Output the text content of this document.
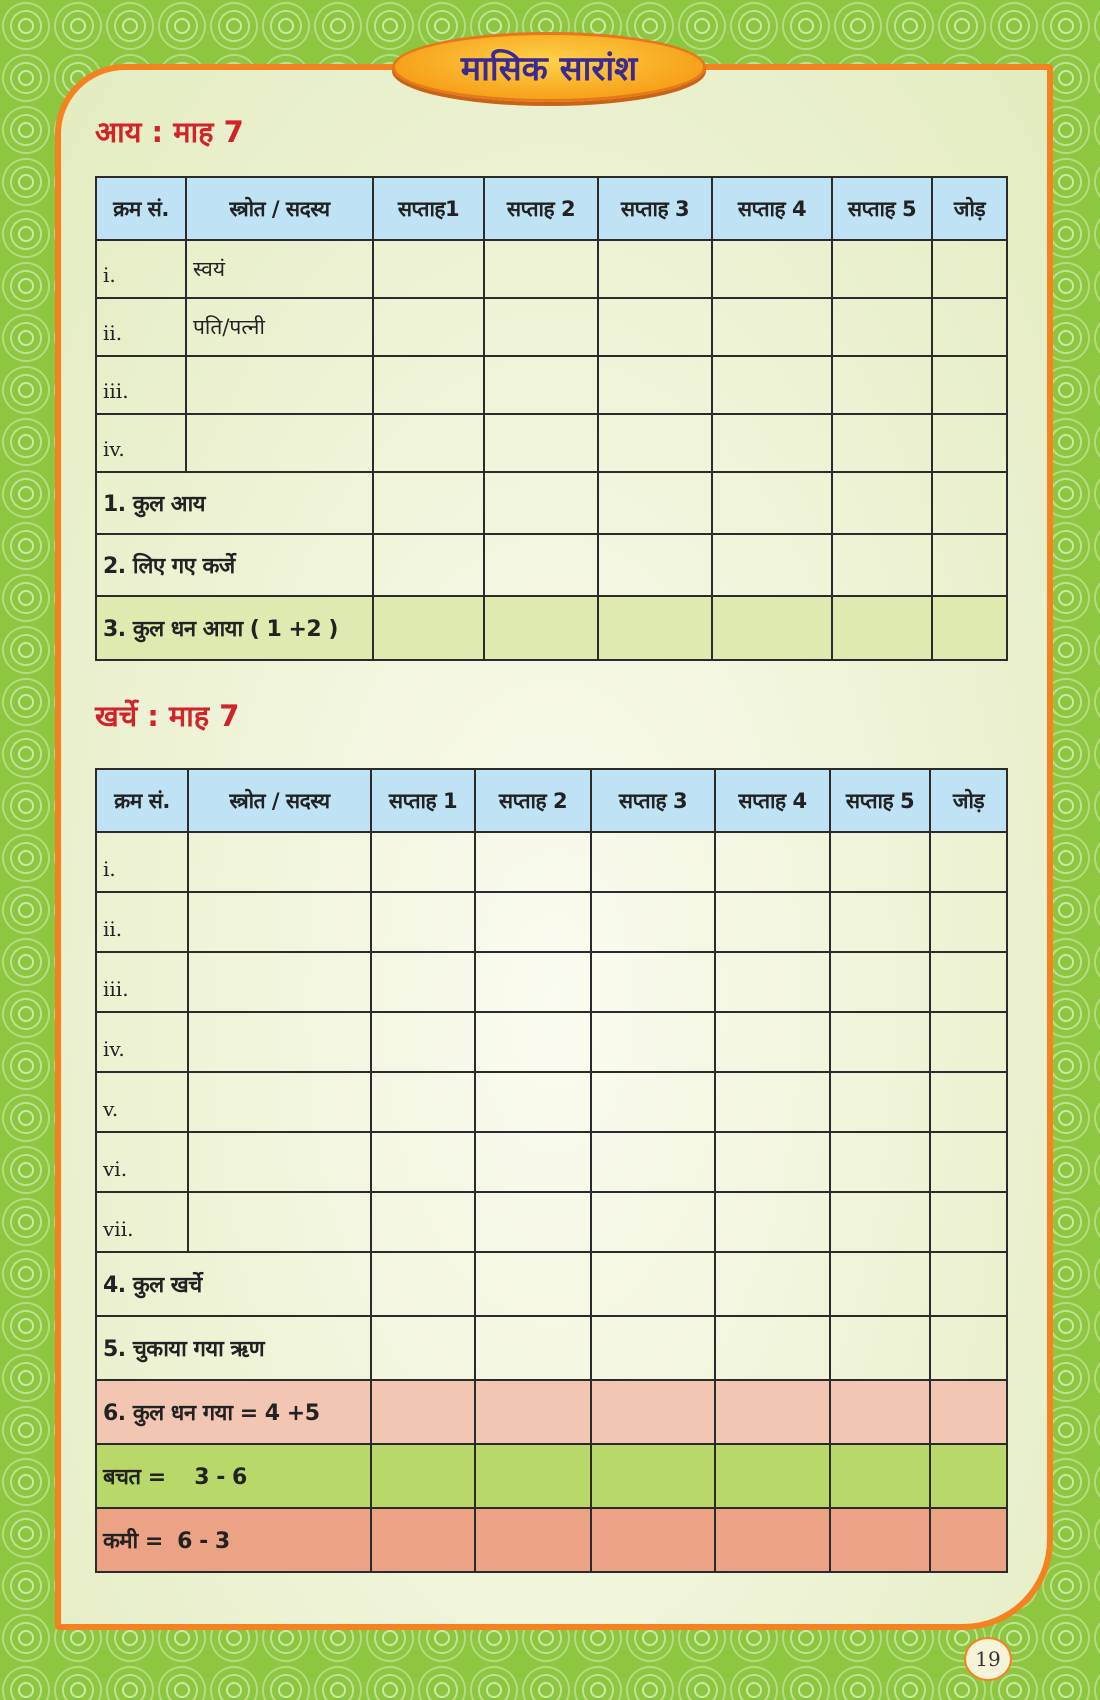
मासिक सारांश
आय : माह 7
क्रम सं.	स्त्रोत / सदस्य	सप्ताह1	सप्ताह 2	सप्ताह 3	सप्ताह 4	सप्ताह 5	जोड़
i.	स्वयं						
ii.	पति/पत्नी						
iii.							
iv.							
1. कुल आय							
2. लिए गए कर्जे							
3. कुल धन आया ( 1 +2 )							
खर्चे : माह 7
क्रम सं.	स्त्रोत / सदस्य	सप्ताह 1	सप्ताह 2	सप्ताह 3	सप्ताह 4	सप्ताह 5	जोड़
i.							
ii.							
iii.							
iv.							
v.							
vi.							
vii.							
4. कुल खर्चे							
5. चुकाया गया ऋण							
6. कुल धन गया = 4 +5							
बचत =    3 - 6							
कमी =  6 - 3							
19
